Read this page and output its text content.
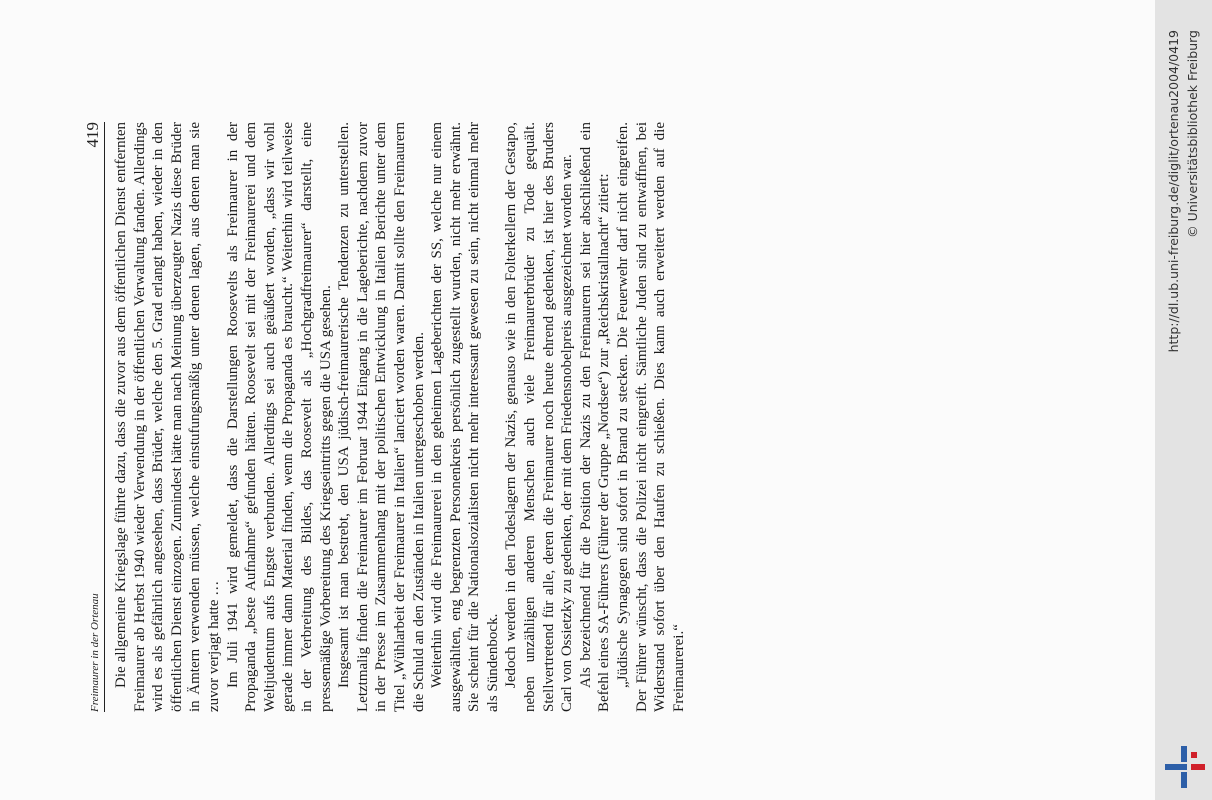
Freimaurer in der Ortenau
419 Die allgemeine Kriegslage führte dazu, dass die zuvor aus dem öffentlichen Dienst entfernten Freimaurer ab Herbst 1940 wieder Verwendung in der öffentlichen Verwaltung fanden. Allerdings wird es als gefährlich angesehen, dass Brüder, welche den 5. Grad erlangt haben, wieder in den öffentlichen Dienst einzogen. Zumindest hätte man nach Meinung überzeugter Nazis diese Brüder in Ämtern verwenden müssen, welche einstufungsmäßig unter denen lagen, aus denen man sie zuvor verjagt hatte … Im Juli 1941 wird gemeldet, dass die Darstellungen Roosevelts als Freimaurer in der Propaganda „beste Aufnahme“ gefunden hätten. Roosevelt sei mit der Freimaurerei und dem Weltjudentum aufs Engste verbunden. Allerdings sei auch geäußert worden, „dass wir wohl gerade immer dann Material finden, wenn die Propaganda es braucht.“ Weiterhin wird teilweise in der Verbreitung des Bildes, das Roosevelt als „Hochgradfreimaurer“ darstellt, eine pressemäßige Vorbereitung des Kriegseintritts gegen die USA gesehen. Insgesamt ist man bestrebt, den USA jüdisch-freimaurerische Tendenzen zu unterstellen. Letztmalig finden die Freimaurer im Februar 1944 Eingang in die Lageberichte, nachdem zuvor in der Presse im Zusammenhang mit der politischen Entwicklung in Italien Berichte unter dem Titel „Wühlarbeit der Freimaurer in Italien“ lanciert worden waren. Damit sollte den Freimaurern die Schuld an den Zuständen in Italien untergeschoben werden. Weiterhin wird die Freimaurerei in den geheimen Lageberichten der SS, welche nur einem ausgewählten, eng begrenzten Personenkreis persönlich zugestellt wurden, nicht mehr erwähnt. Sie scheint für die Nationalsozialisten nicht mehr interessant gewesen zu sein, nicht einmal mehr als Sündenbock. Jedoch werden in den Todeslagern der Nazis, genauso wie in den Folterkellern der Gestapo, neben unzähligen anderen Menschen auch viele Freimaurerbrüder zu Tode gequält. Stellvertretend für alle, deren die Freimaurer noch heute ehrend gedenken, ist hier des Bruders Carl von Ossietzky zu gedenken, der mit dem Friedensnobelpreis ausgezeichnet worden war. Als bezeichnend für die Position der Nazis zu den Freimaurern sei hier abschließend ein Befehl eines SA-Führers (Führer der Gruppe „Nordsee“) zur „Reichskristallnacht“ zitiert: „Jüdische Synagogen sind sofort in Brand zu stecken. Die Feuerwehr darf nicht eingreifen. Der Führer wünscht, dass die Polizei nicht eingreift. Sämtliche Juden sind zu entwaffnen, bei Widerstand sofort über den Haufen zu schießen. Dies kann auch erweitert werden auf die Freimaurerei.“

http://dl.ub.uni-freiburg.de/diglit/ortenau2004/0419 © Universitätsbibliothek Freiburg
